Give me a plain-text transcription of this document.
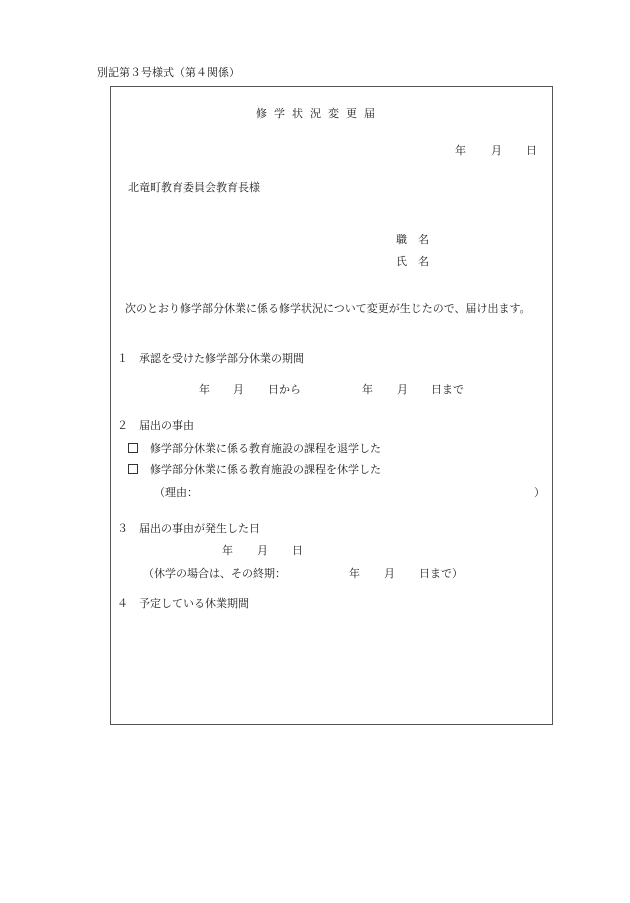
別記第３号様式（第４関係）
修学状況変更届
年 月 日
北竜町教育委員会教育長様
職　名
氏　名
次のとおり修学部分休業に係る修学状況について変更が生じたので、届け出ます。
１ 承認を受けた修学部分休業の期間
年 月 日から	年 月 日まで
２ 届出の事由
修学部分休業に係る教育施設の課程を退学した
修学部分休業に係る教育施設の課程を休学した
（理由：	）
３ 届出の事由が発生した日
年 月 日
（休学の場合は、その終期：	年 月 日まで）
４ 予定している休業期間
